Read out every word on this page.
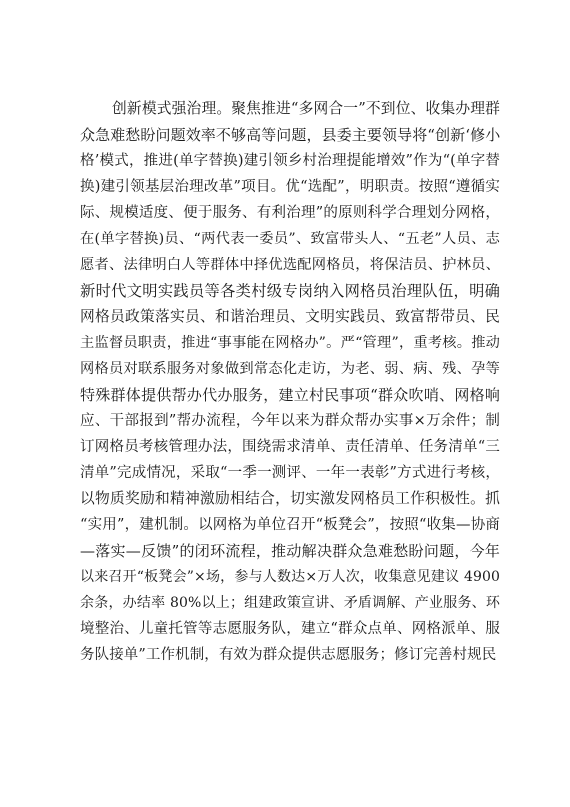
创新模式强治理。聚焦推进“多网合一”不到位、收集办理群
众急难愁盼问题效率不够高等问题，县委主要领导将“创新‘修小
格’模式，推进(单字替换)建引领乡村治理提能增效”作为“(单字替
换)建引领基层治理改革”项目。优“选配”，明职责。按照“遵循实
际、规模适度、便于服务、有利治理”的原则科学合理划分网格，
在(单字替换)员、“两代表一委员”、致富带头人、“五老”人员、志
愿者、法律明白人等群体中择优选配网格员，将保洁员、护林员、
新时代文明实践员等各类村级专岗纳入网格员治理队伍，明确
网格员政策落实员、和谐治理员、文明实践员、致富帮带员、民
主监督员职责，推进“事事能在网格办”。严“管理”，重考核。推动
网格员对联系服务对象做到常态化走访，为老、弱、病、残、孕等
特殊群体提供帮办代办服务，建立村民事项“群众吹哨、网格响
应、干部报到”帮办流程，今年以来为群众帮办实事×万余件；制
订网格员考核管理办法，围绕需求清单、责任清单、任务清单“三
清单”完成情况，采取“一季一测评、一年一表彰”方式进行考核，
以物质奖励和精神激励相结合，切实激发网格员工作积极性。抓
“实用”，建机制。以网格为单位召开“板凳会”，按照“收集—协商
—落实—反馈”的闭环流程，推动解决群众急难愁盼问题，今年
以来召开“板凳会”×场，参与人数达×万人次，收集意见建议 4900
余条，办结率 80%以上；组建政策宣讲、矛盾调解、产业服务、环
境整治、儿童托管等志愿服务队，建立“群众点单、网格派单、服
务队接单”工作机制，有效为群众提供志愿服务；修订完善村规民
